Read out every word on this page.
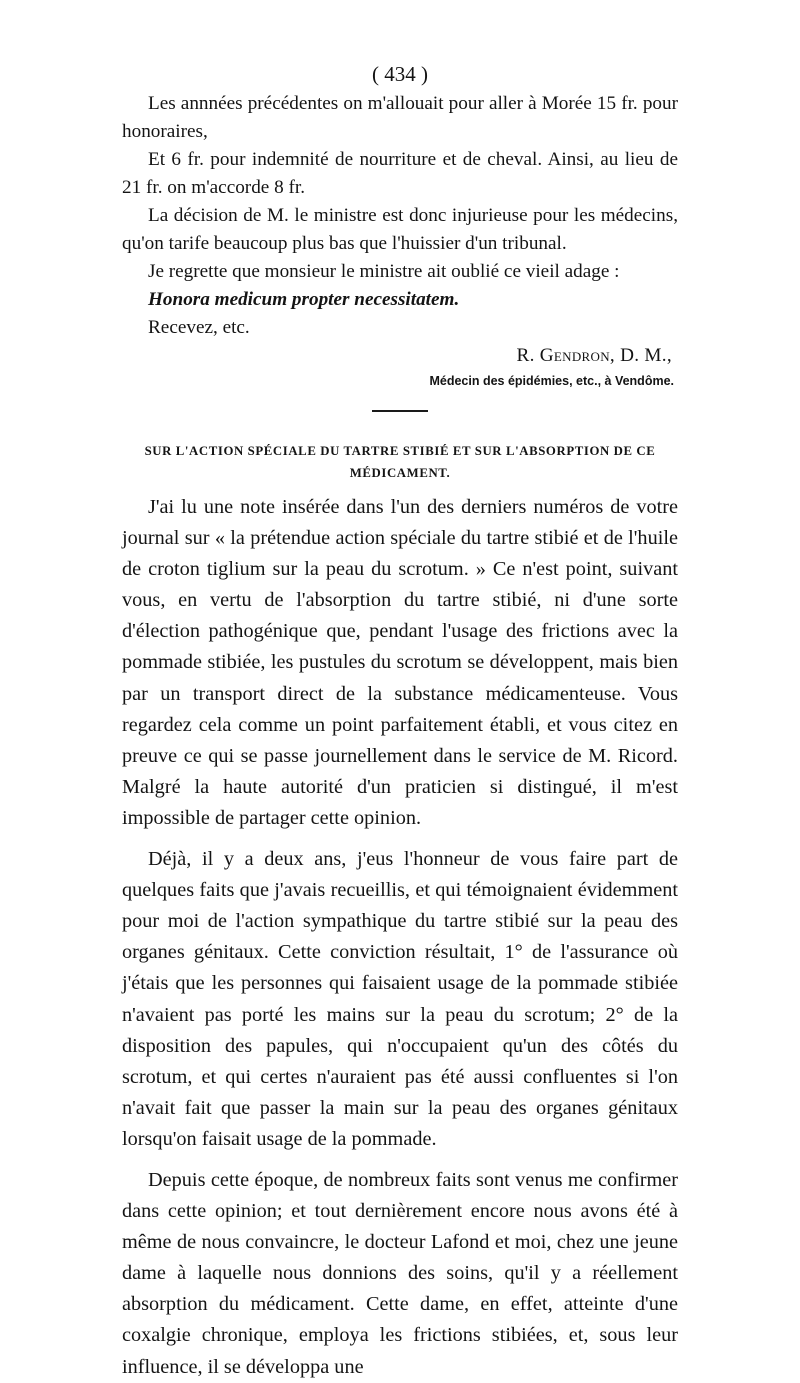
( 434 )

Les annnées précédentes on m'allouait pour aller à Morée 15 fr. pour honoraires,

Et 6 fr. pour indemnité de nourriture et de cheval. Ainsi, au lieu de 21 fr. on m'accorde 8 fr.

La décision de M. le ministre est donc injurieuse pour les médecins, qu'on tarife beaucoup plus bas que l'huissier d'un tribunal.

Je regrette que monsieur le ministre ait oublié ce vieil adage :

Honora medicum propter necessitatem.

Recevez, etc.

R. Gendron, D. M.,

Médecin des épidémies, etc., à Vendôme.

SUR L'ACTION SPÉCIALE DU TARTRE STIBIÉ ET SUR L'ABSORPTION DE CE MÉDICAMENT.

J'ai lu une note insérée dans l'un des derniers numéros de votre journal sur « la prétendue action spéciale du tartre stibié et de l'huile de croton tiglium sur la peau du scrotum. » Ce n'est point, suivant vous, en vertu de l'absorption du tartre stibié, ni d'une sorte d'élection pathogénique que, pendant l'usage des frictions avec la pommade stibiée, les pustules du scrotum se développent, mais bien par un transport direct de la substance médicamenteuse. Vous regardez cela comme un point parfaitement établi, et vous citez en preuve ce qui se passe journellement dans le service de M. Ricord. Malgré la haute autorité d'un praticien si distingué, il m'est impossible de partager cette opinion.

Déjà, il y a deux ans, j'eus l'honneur de vous faire part de quelques faits que j'avais recueillis, et qui témoignaient évidemment pour moi de l'action sympathique du tartre stibié sur la peau des organes génitaux. Cette conviction résultait, 1° de l'assurance où j'étais que les personnes qui faisaient usage de la pommade stibiée n'avaient pas porté les mains sur la peau du scrotum; 2° de la disposition des papules, qui n'occupaient qu'un des côtés du scrotum, et qui certes n'auraient pas été aussi confluentes si l'on n'avait fait que passer la main sur la peau des organes génitaux lorsqu'on faisait usage de la pommade.

Depuis cette époque, de nombreux faits sont venus me confirmer dans cette opinion; et tout dernièrement encore nous avons été à même de nous convaincre, le docteur Lafond et moi, chez une jeune dame à laquelle nous donnions des soins, qu'il y a réellement absorption du médicament. Cette dame, en effet, atteinte d'une coxalgie chronique, employa les frictions stibiées, et, sous leur influence, il se développa une
